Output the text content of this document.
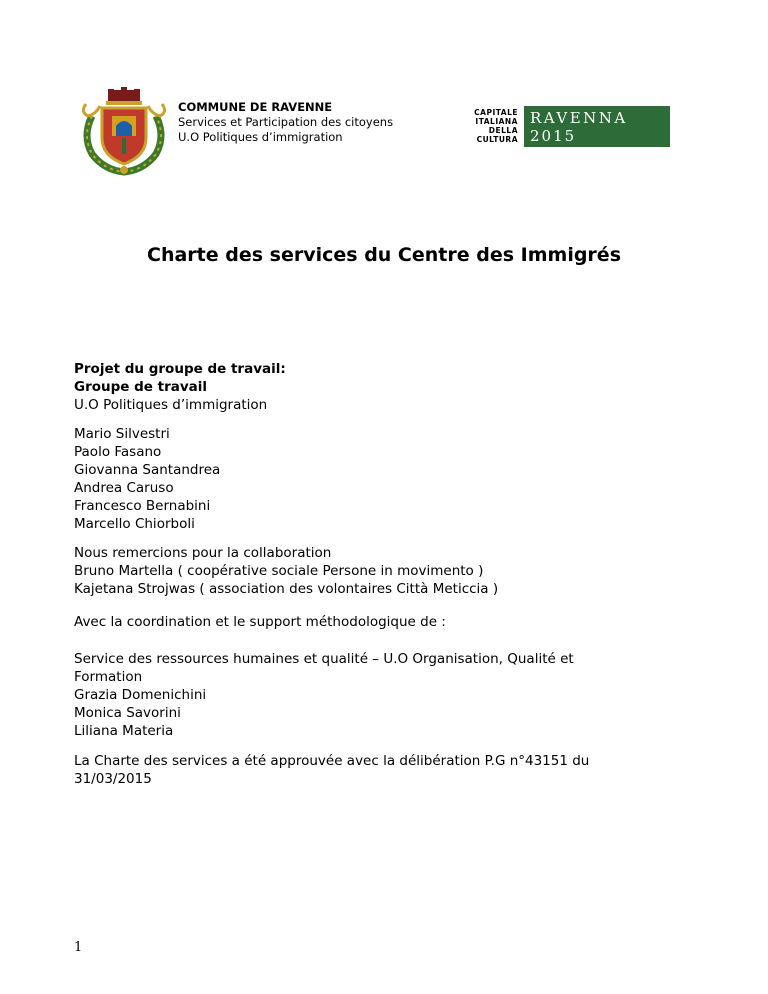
COMMUNE DE RAVENNE
Services et Participation des citoyens
U.O Politiques d’immigration
CAPITALE
ITALIANA
DELLA
CULTURA
RAVENNA
2015
Charte des services du Centre des Immigrés
Projet du groupe de travail:
Groupe de travail
U.O Politiques d’immigration
Mario Silvestri
Paolo Fasano
Giovanna Santandrea
Andrea Caruso
Francesco Bernabini
Marcello Chiorboli
Nous remercions pour la collaboration
Bruno Martella ( coopérative sociale Persone in movimento )
Kajetana Strojwas ( association des volontaires Città Meticcia )
Avec la coordination et le support méthodologique de :
Service des ressources humaines et qualité – U.O Organisation, Qualité et
Formation
Grazia Domenichini
Monica Savorini
Liliana Materia
La Charte des services a été approuvée avec la délibération P.G n°43151 du
31/03/2015
1
